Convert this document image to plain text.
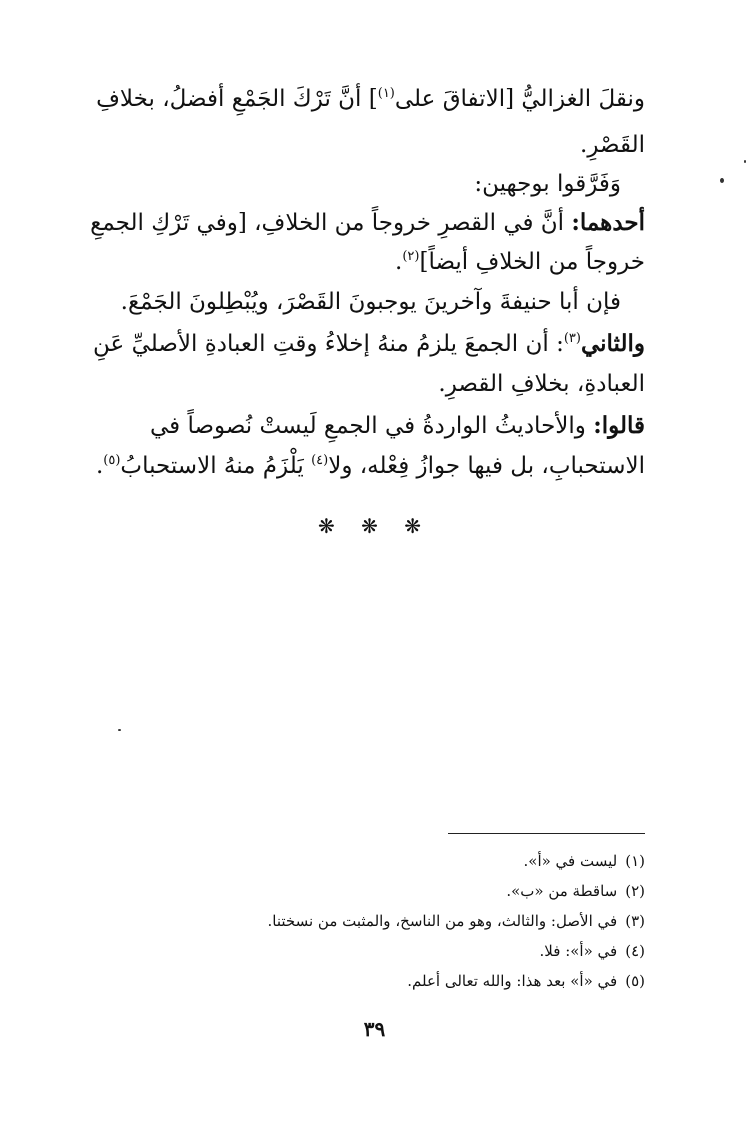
ونقلَ الغزاليُّ [الاتفاقَ على$^{(١)}$] أنَّ تَرْكَ الجَمْعِ أفضلُ، بخلافِ
القَصْرِ.
وَفَرَّقوا بوجهين:
أحدهما: أنَّ في القصرِ خروجاً من الخلافِ، [وفي تَرْكِ الجمعِ
خروجاً من الخلافِ أيضاً]$^{(٢)}$.
فإن أبا حنيفةَ وآخرينَ يوجبونَ القَصْرَ، ويُبْطِلونَ الجَمْعَ.
والثاني$^{(٣)}$: أن الجمعَ يلزمُ منهُ إخلاءُ وقتِ العبادةِ الأصليِّ عَنِ
العبادةِ، بخلافِ القصرِ.
قالوا: والأحاديثُ الواردةُ في الجمعِ لَيستْ نُصوصاً في
الاستحبابِ، بل فيها جوازُ فِعْله، ولا$^{(٤)}$ يَلْزَمُ منهُ الاستحبابُ$^{(٥)}$.
❋ ❋ ❋
(١)ليست في «أ».
(٢)ساقطة من «ب».
(٣)في الأصل: والثالث، وهو من الناسخ، والمثبت من نسختنا.
(٤)في «أ»: فلا.
(٥)في «أ» بعد هذا: والله تعالى أعلم.
٣٩
